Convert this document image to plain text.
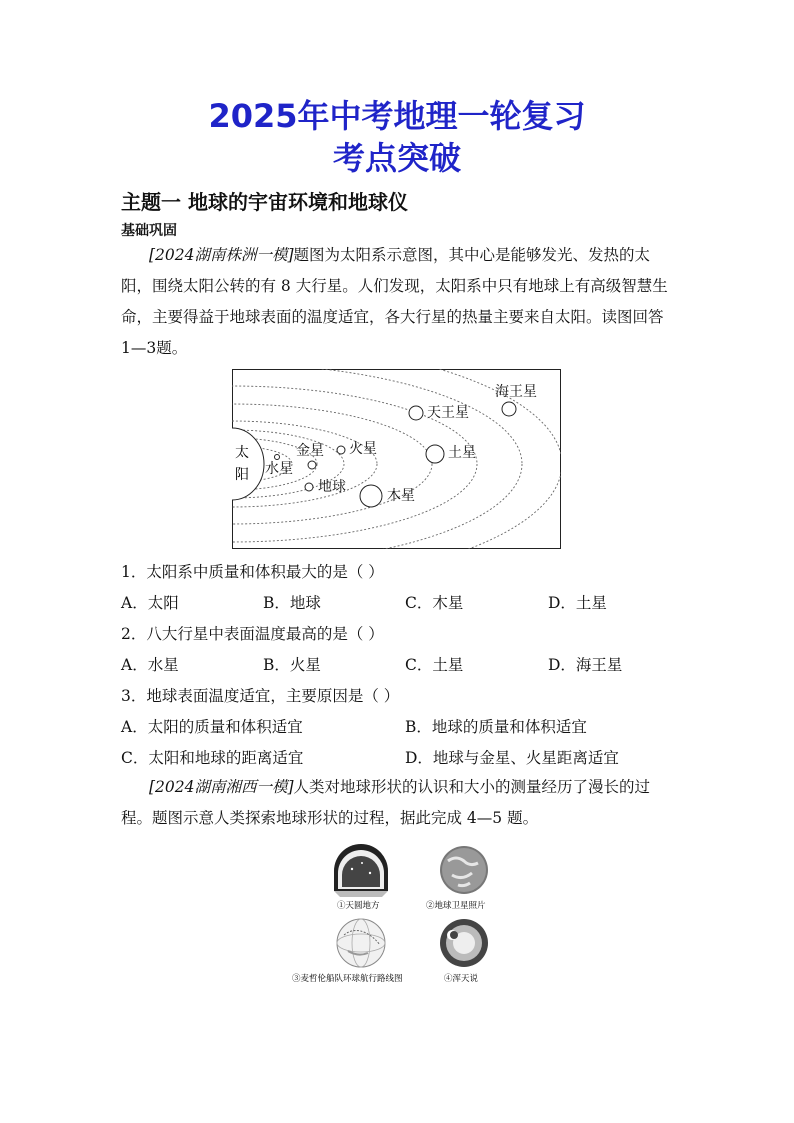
2025年中考地理一轮复习
考点突破
主题一 地球的宇宙环境和地球仪
基础巩固
[2024湖南株洲一模]题图为太阳系示意图，其中心是能够发光、发热的太阳，围绕太阳公转的有 8 大行星。人们发现，太阳系中只有地球上有高级智慧生命，主要得益于地球表面的温度适宜，各大行星的热量主要来自太阳。读图回答1—3题。
太
阳 水星
金星
地球
火星
木星
土星
天王星
海王星
1．太阳系中质量和体积最大的是（ ）
A．太阳	B．地球	C．木星	D．土星
2．八大行星中表面温度最高的是（ ）
A．水星	B．火星	C．土星	D．海王星
3．地球表面温度适宜，主要原因是（ ）
A．太阳的质量和体积适宜	B．地球的质量和体积适宜
C．太阳和地球的距离适宜	D．地球与金星、火星距离适宜
[2024湖南湘西一模]人类对地球形状的认识和大小的测量经历了漫长的过程。题图示意人类探索地球形状的过程，据此完成 4—5 题。
①天圆地方	②地球卫星照片
③麦哲伦船队环球航行路线图	④浑天说
